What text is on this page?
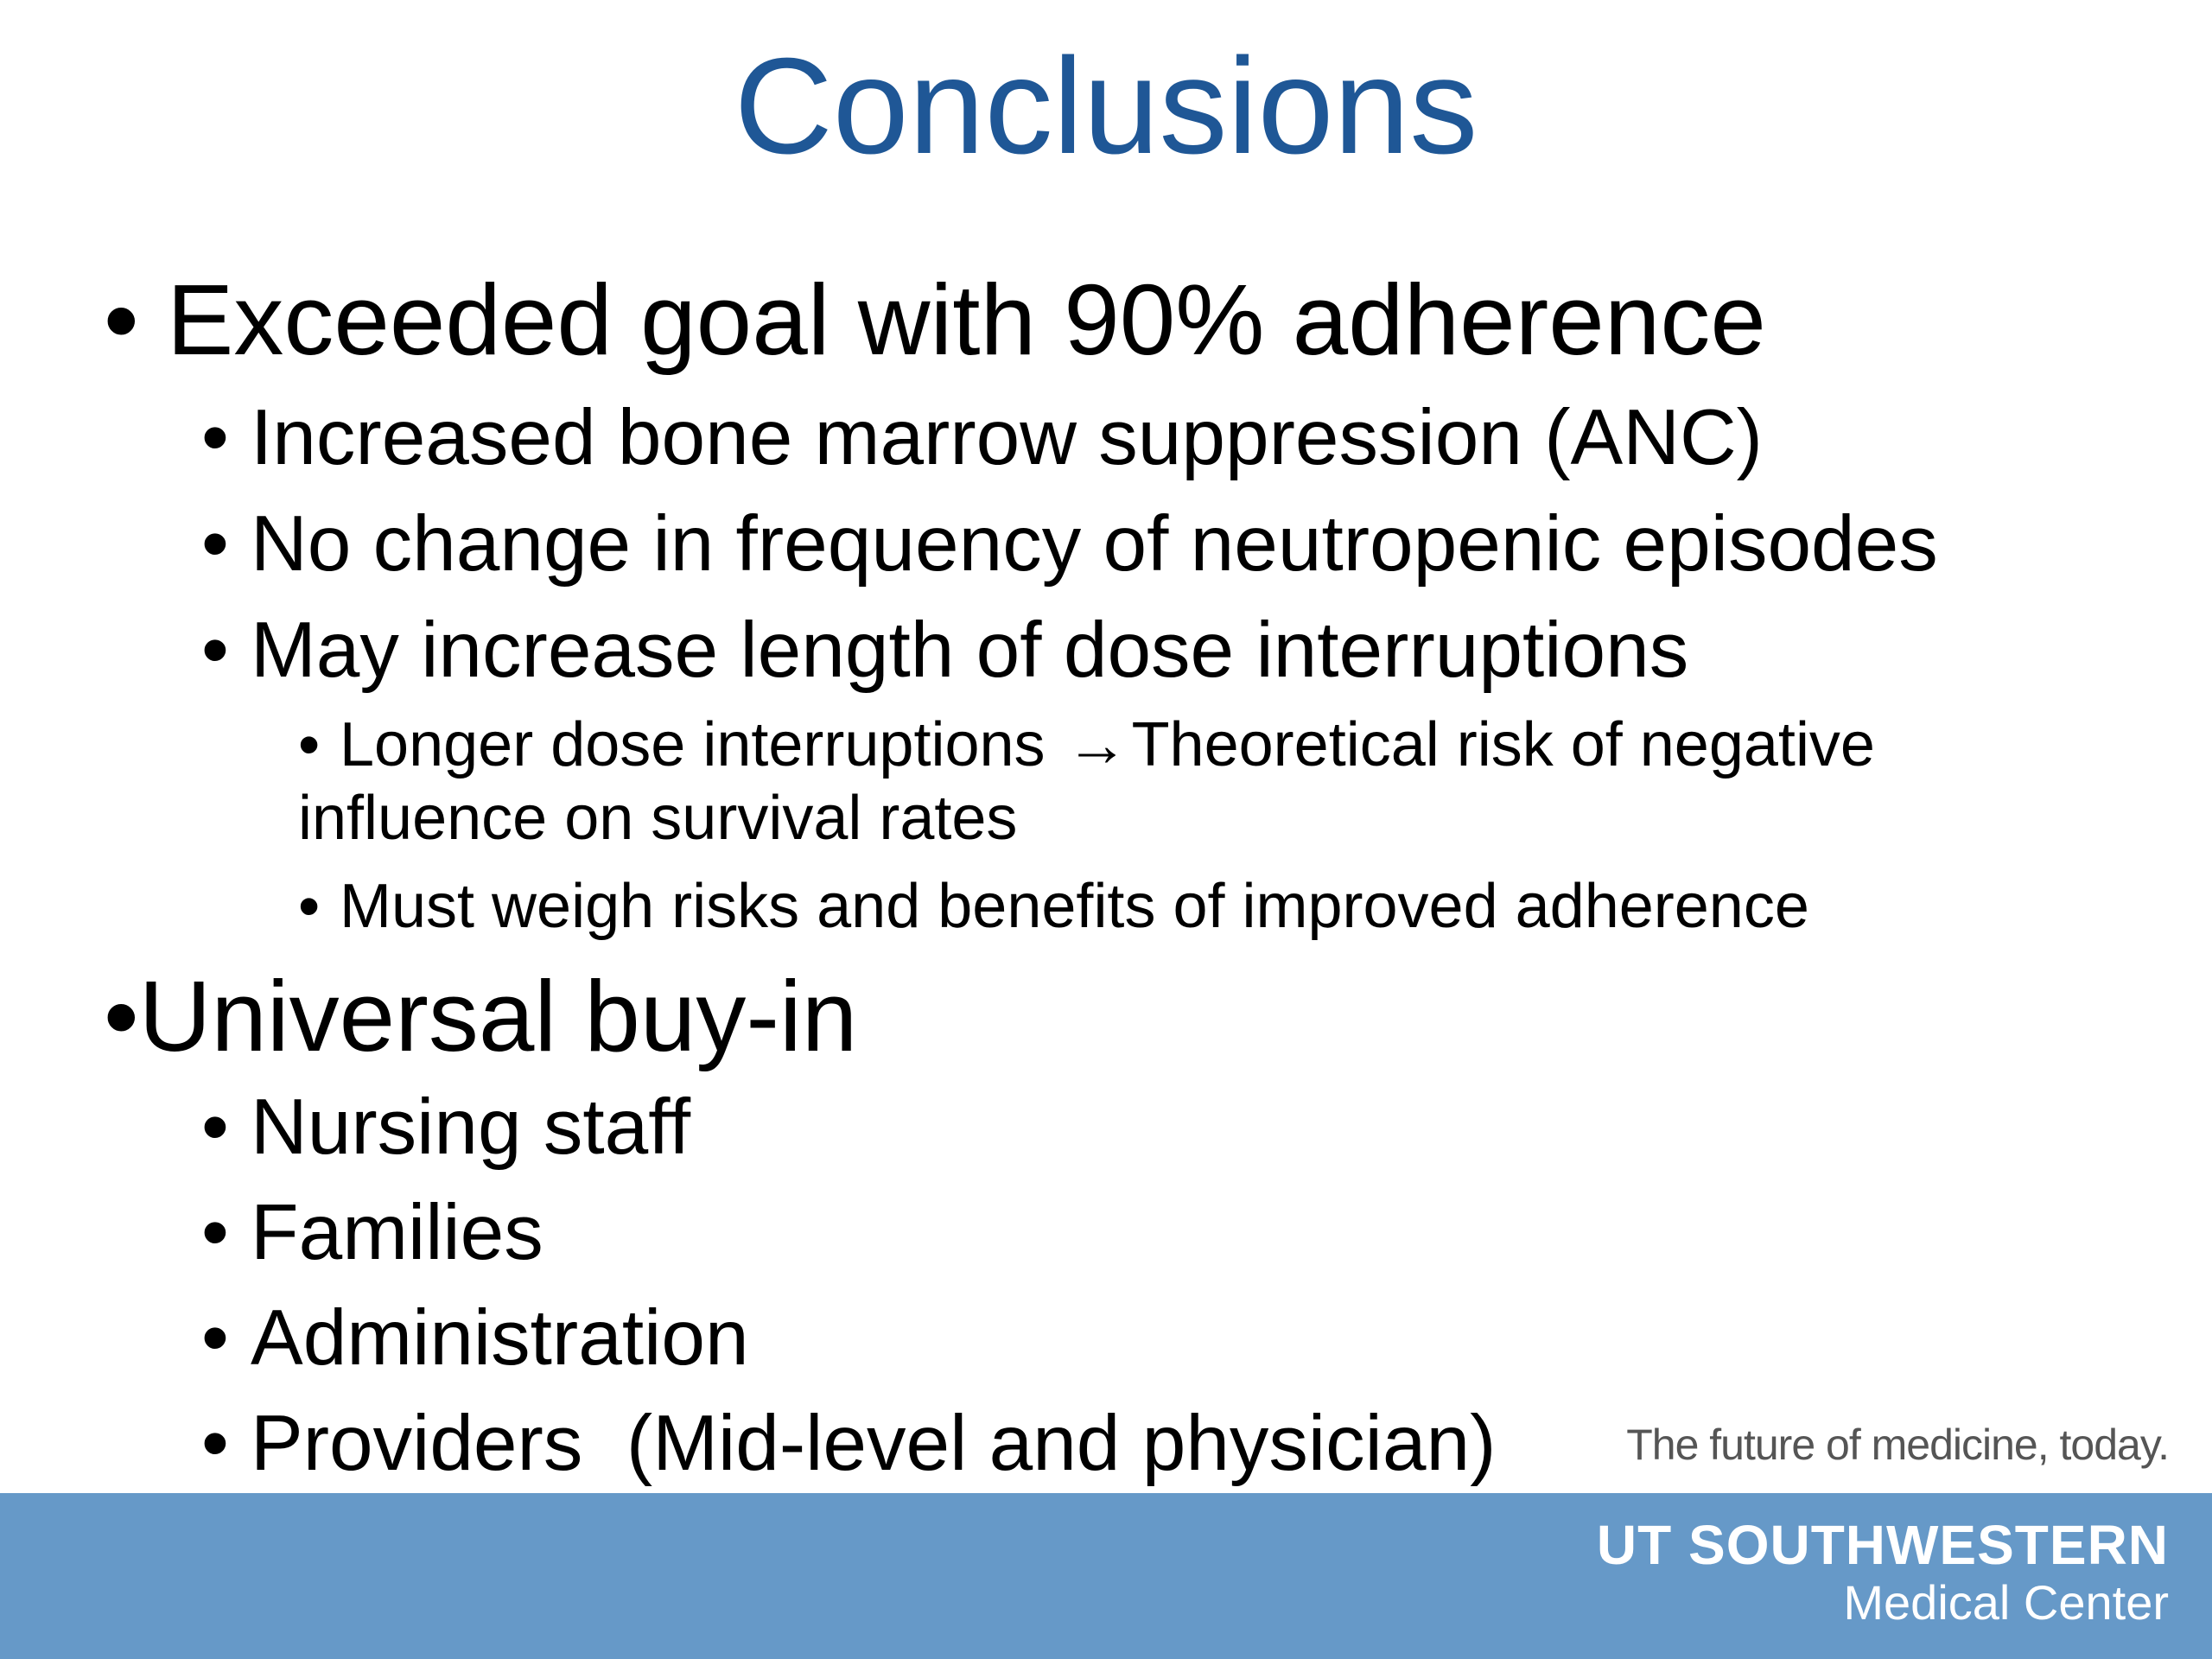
Conclusions
• Exceeded goal with 90% adherence
• Increased bone marrow suppression (ANC)
• No change in frequency of neutropenic episodes
• May increase length of dose interruptions
• Longer dose interruptions →Theoretical risk of negative
influence on survival rates
• Must weigh risks and benefits of improved adherence
•Universal buy-in
• Nursing staff
• Families
• Administration
• Providers  (Mid-level and physician)	The future of medicine, today.
UT SOUTHWESTERN
Medical Center
